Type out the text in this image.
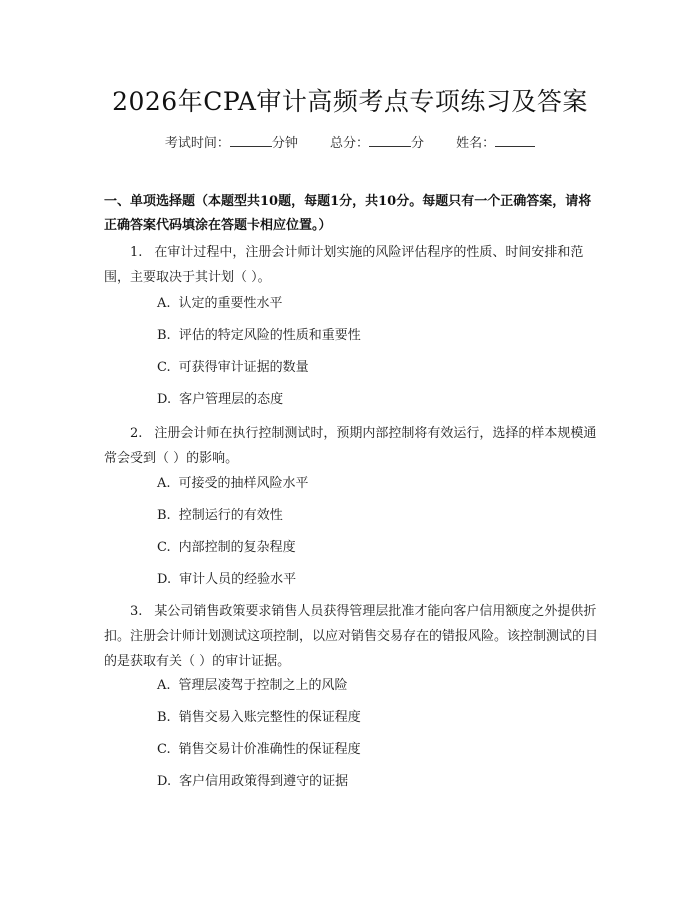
2026年CPA审计高频考点专项练习及答案
考试时间：	分钟 总分：	分 姓名：
一、单项选择题（本题型共10题，每题1分，共10分。每题只有一个正确答案，请将正确答案代码填涂在答题卡相应位置。）
1. 在审计过程中，注册会计师计划实施的风险评估程序的性质、时间安排和范围，主要取决于其计划（ ）。
A. 认定的重要性水平
B. 评估的特定风险的性质和重要性
C. 可获得审计证据的数量
D. 客户管理层的态度
2. 注册会计师在执行控制测试时，预期内部控制将有效运行，选择的样本规模通常会受到（ ）的影响。
A. 可接受的抽样风险水平
B. 控制运行的有效性
C. 内部控制的复杂程度
D. 审计人员的经验水平
3. 某公司销售政策要求销售人员获得管理层批准才能向客户信用额度之外提供折扣。注册会计师计划测试这项控制，以应对销售交易存在的错报风险。该控制测试的目的是获取有关（ ）的审计证据。
A. 管理层凌驾于控制之上的风险
B. 销售交易入账完整性的保证程度
C. 销售交易计价准确性的保证程度
D. 客户信用政策得到遵守的证据
